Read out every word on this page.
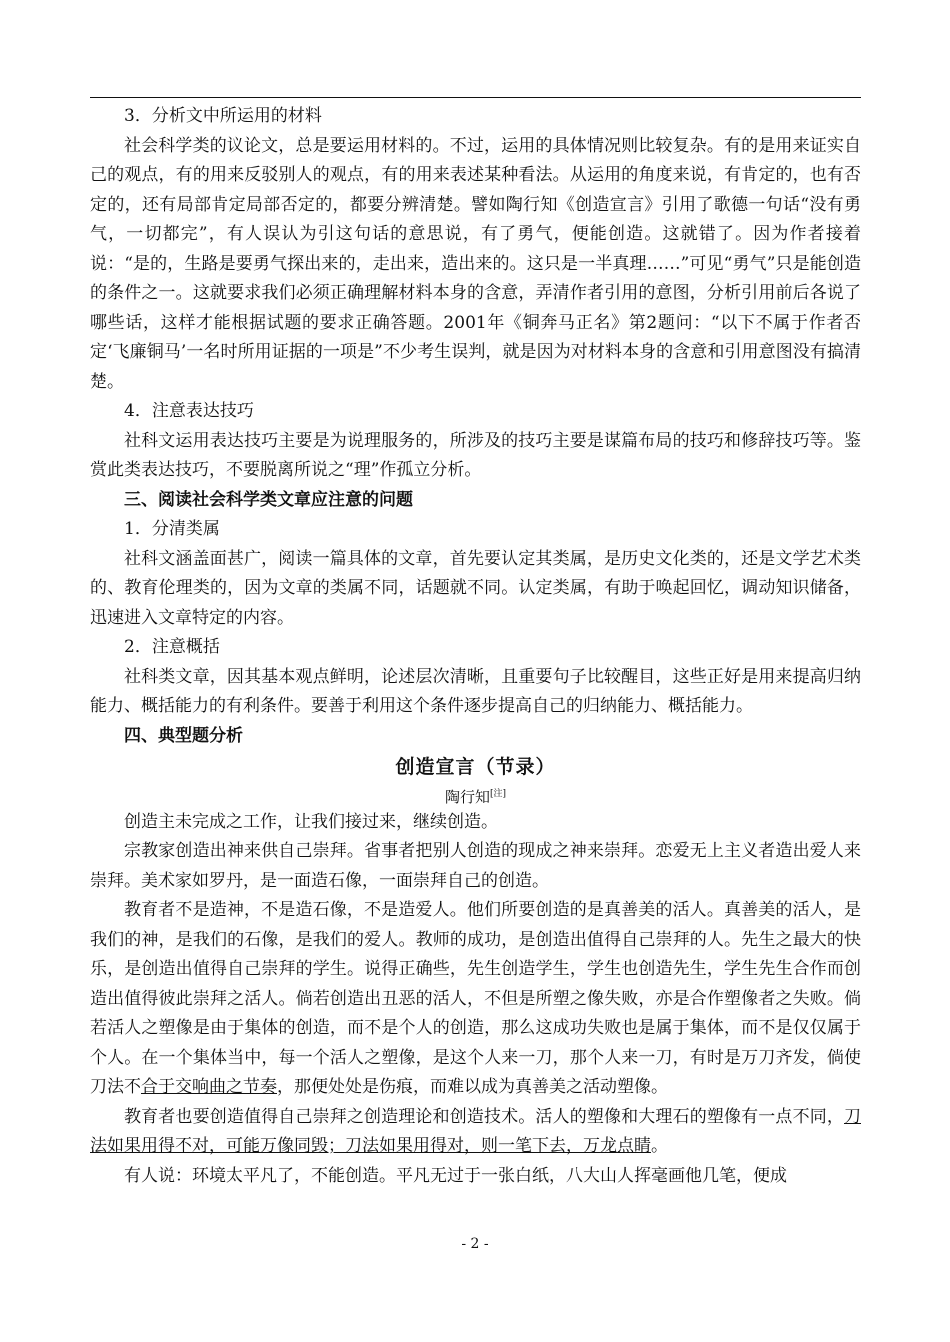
3．分析文中所运用的材料

社会科学类的议论文，总是要运用材料的。不过，运用的具体情况则比较复杂。有的是用来证实自己的观点，有的用来反驳别人的观点，有的用来表述某种看法。从运用的角度来说，有肯定的，也有否定的，还有局部肯定局部否定的，都要分辨清楚。譬如陶行知《创造宣言》引用了歌德一句话“没有勇气，一切都完”，有人误认为引这句话的意思说，有了勇气，便能创造。这就错了。因为作者接着说：“是的，生路是要勇气探出来的，走出来，造出来的。这只是一半真理……”可见“勇气”只是能创造的条件之一。这就要求我们必须正确理解材料本身的含意，弄清作者引用的意图，分析引用前后各说了哪些话，这样才能根据试题的要求正确答题。2001年《铜奔马正名》第2题问：“以下不属于作者否定‘飞廉铜马’一名时所用证据的一项是”不少考生误判，就是因为对材料本身的含意和引用意图没有搞清楚。

4．注意表达技巧

社科文运用表达技巧主要是为说理服务的，所涉及的技巧主要是谋篇布局的技巧和修辞技巧等。鉴赏此类表达技巧，不要脱离所说之“理”作孤立分析。

三、阅读社会科学类文章应注意的问题

1．分清类属

社科文涵盖面甚广，阅读一篇具体的文章，首先要认定其类属，是历史文化类的，还是文学艺术类的、教育伦理类的，因为文章的类属不同，话题就不同。认定类属，有助于唤起回忆，调动知识储备，迅速进入文章特定的内容。

2．注意概括

社科类文章，因其基本观点鲜明，论述层次清晰，且重要句子比较醒目，这些正好是用来提高归纳能力、概括能力的有利条件。要善于利用这个条件逐步提高自己的归纳能力、概括能力。

四、典型题分析

创造宣言（节录）

陶行知[注]

创造主未完成之工作，让我们接过来，继续创造。

宗教家创造出神来供自己崇拜。省事者把别人创造的现成之神来崇拜。恋爱无上主义者造出爱人来崇拜。美术家如罗丹，是一面造石像，一面崇拜自己的创造。

教育者不是造神，不是造石像，不是造爱人。他们所要创造的是真善美的活人。真善美的活人，是我们的神，是我们的石像，是我们的爱人。教师的成功，是创造出值得自己崇拜的人。先生之最大的快乐，是创造出值得自己崇拜的学生。说得正确些，先生创造学生，学生也创造先生，学生先生合作而创造出值得彼此崇拜之活人。倘若创造出丑恶的活人，不但是所塑之像失败，亦是合作塑像者之失败。倘若活人之塑像是由于集体的创造，而不是个人的创造，那么这成功失败也是属于集体，而不是仅仅属于个人。在一个集体当中，每一个活人之塑像，是这个人来一刀，那个人来一刀，有时是万刀齐发，倘使刀法不合于交响曲之节奏，那便处处是伤痕，而难以成为真善美之活动塑像。

教育者也要创造值得自己崇拜之创造理论和创造技术。活人的塑像和大理石的塑像有一点不同，刀法如果用得不对，可能万像同毁；刀法如果用得对，则一笔下去，万龙点睛。

有人说：环境太平凡了，不能创造。平凡无过于一张白纸，八大山人挥毫画他几笔，便成

- 2 -
